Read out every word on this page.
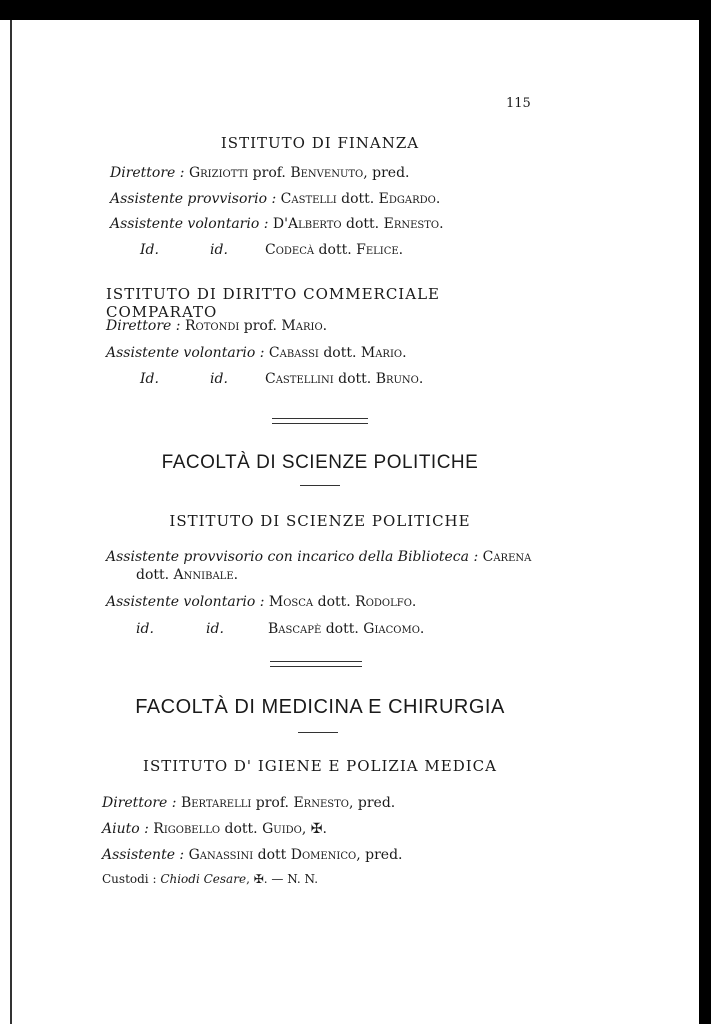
115
ISTITUTO DI FINANZA
Direttore : Griziotti prof. Benvenuto, pred.
Assistente provvisorio : Castelli dott. Edgardo.
Assistente volontario : D'Alberto dott. Ernesto.
Id.	id.	Codecà dott. Felice.
ISTITUTO DI DIRITTO COMMERCIALE COMPARATO
Direttore : Rotondi prof. Mario.
Assistente volontario : Cabassi dott. Mario.
Id.	id.	Castellini dott. Bruno.
FACOLTÀ DI SCIENZE POLITICHE
ISTITUTO DI SCIENZE POLITICHE
Assistente provvisorio con incarico della Biblioteca : Carena
dott. Annibale.
Assistente volontario : Mosca dott. Rodolfo.
id.	id.	Bascapè dott. Giacomo.
FACOLTÀ DI MEDICINA E CHIRURGIA
ISTITUTO D' IGIENE E POLIZIA MEDICA
Direttore : Bertarelli prof. Ernesto, pred.
Aiuto : Rigobello dott. Guido, ✠.
Assistente : Ganassini dott Domenico, pred.
Custodi : Chiodi Cesare, ✠. — N. N.
